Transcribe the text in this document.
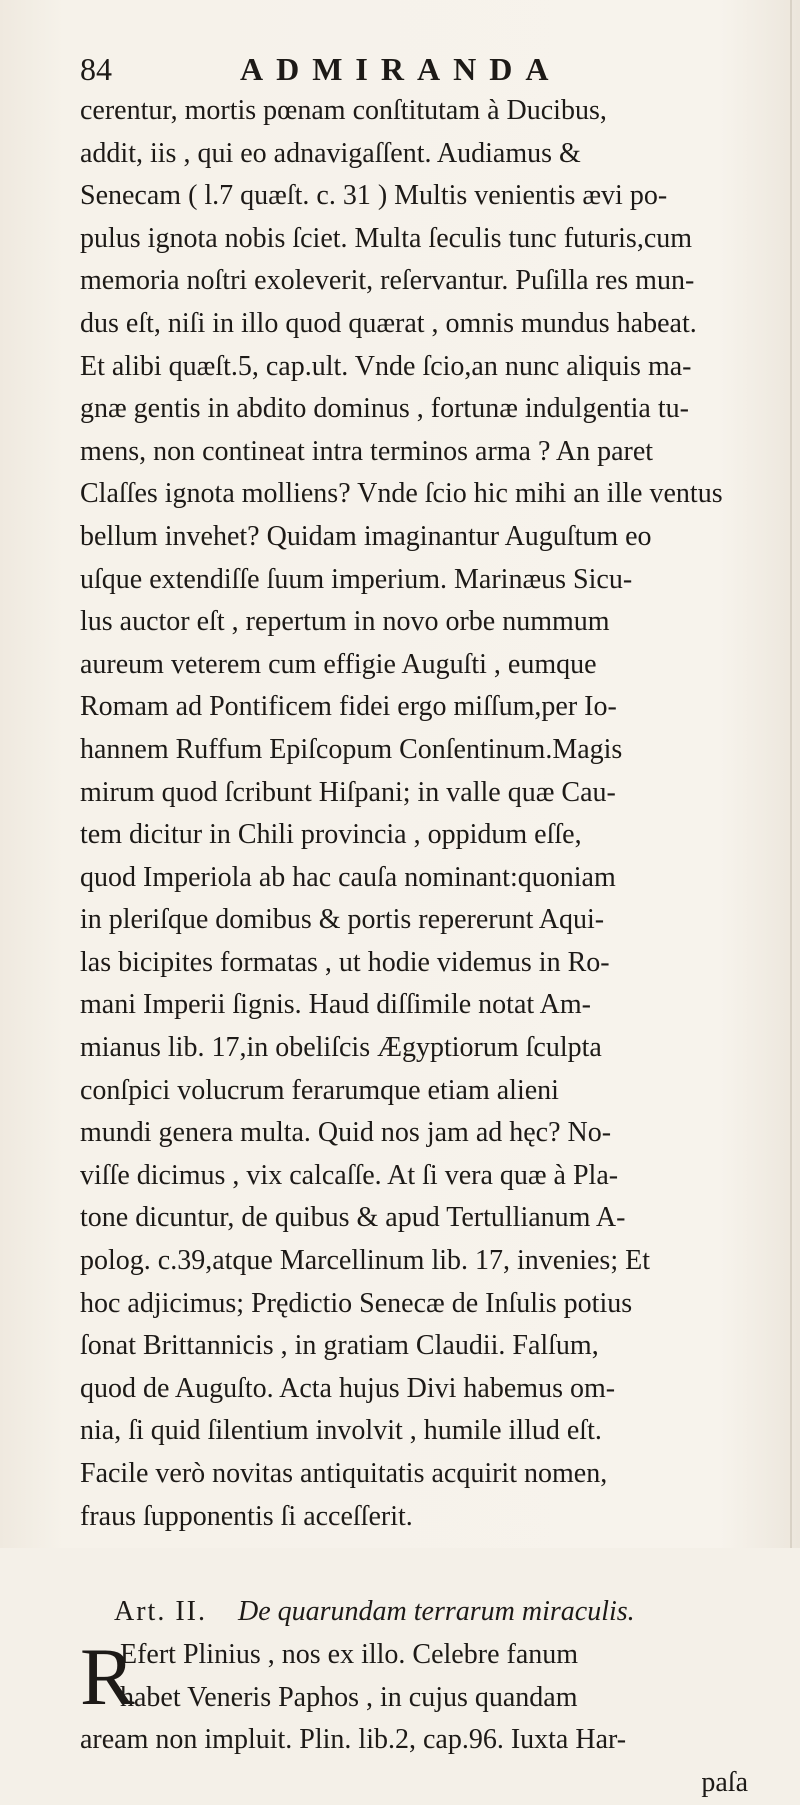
84	ADMIRANDA
cerentur, mortis pœnam conſtitutam à Ducibus,
addit, iis , qui eo adnavigaſſent. Audiamus &
Senecam ( l.7 quæſt. c. 31 ) Multis venientis ævi po-
pulus ignota nobis ſciet. Multa ſeculis tunc futuris,cum
memoria noſtri exoleverit, reſervantur. Puſilla res mun-
dus eſt, niſi in illo quod quærat , omnis mundus habeat.
Et alibi quæſt.5, cap.ult. Vnde ſcio,an nunc aliquis ma-
gnæ gentis in abdito dominus , fortunæ indulgentia tu-
mens, non contineat intra terminos arma ? An paret
Claſſes ignota molliens? Vnde ſcio hic mihi an ille ventus
bellum invehet? Quidam imaginantur Auguſtum eo
uſque extendiſſe ſuum imperium. Marinæus Sicu-
lus auctor eſt , repertum in novo orbe nummum
aureum veterem cum effigie Auguſti , eumque
Romam ad Pontificem fidei ergo miſſum,per Io-
hannem Ruffum Epiſcopum Conſentinum.Magis
mirum quod ſcribunt Hiſpani; in valle quæ Cau-
tem dicitur in Chili provincia , oppidum eſſe,
quod Imperiola ab hac cauſa nominant:quoniam
in pleriſque domibus & portis repererunt Aqui-
las bicipites formatas , ut hodie videmus in Ro-
mani Imperii ſignis. Haud diſſimile notat Am-
mianus lib. 17,in obeliſcis Ægyptiorum ſculpta
conſpici volucrum ferarumque etiam alieni
mundi genera multa. Quid nos jam ad hęc? No-
viſſe dicimus , vix calcaſſe. At ſi vera quæ à Pla-
tone dicuntur, de quibus & apud Tertullianum A-
polog. c.39,atque Marcellinum lib. 17, invenies; Et
hoc adjicimus; Prędictio Senecæ de Inſulis potius
ſonat Brittannicis , in gratiam Claudii. Falſum,
quod de Auguſto. Acta hujus Divi habemus om-
nia, ſi quid ſilentium involvit , humile illud eſt.
Facile verò novitas antiquitatis acquirit nomen,
fraus ſupponentis ſi acceſſerit.
Art. II. De quarundam terrarum miraculis.
R
Efert Plinius , nos ex illo. Celebre fanum
habet Veneris Paphos , in cujus quandam
aream non impluit. Plin. lib.2, cap.96. Iuxta Har-
paſa
